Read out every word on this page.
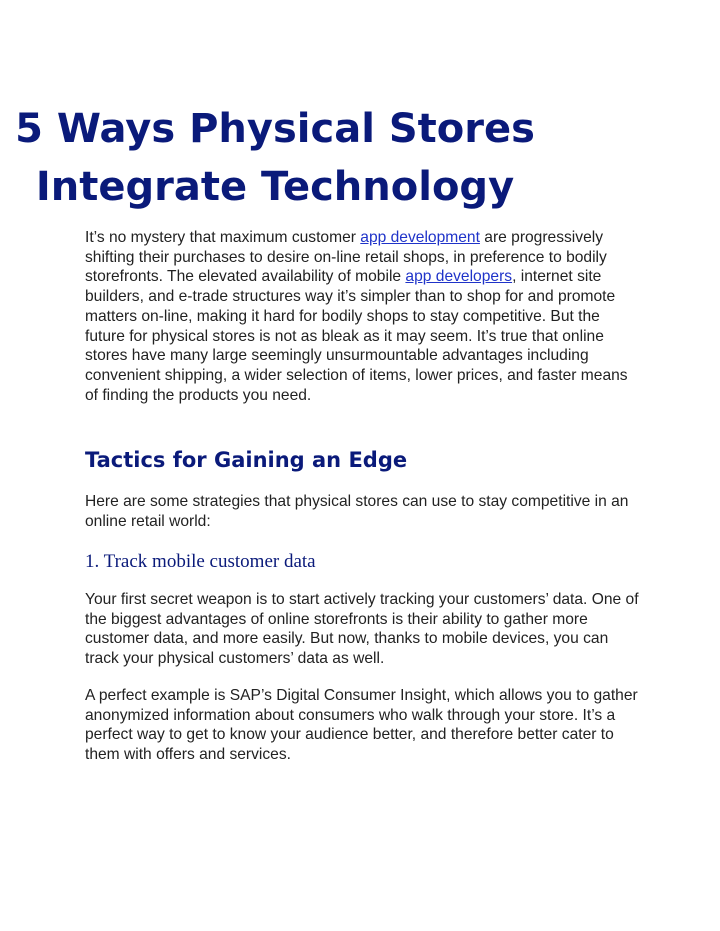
5 Ways Physical Stores
Integrate Technology

It’s no mystery that maximum customer app development are progressively shifting their purchases to desire on-line retail shops, in preference to bodily storefronts. The elevated availability of mobile app developers, internet site builders, and e-trade structures way it’s simpler than to shop for and promote matters on-line, making it hard for bodily shops to stay competitive. But the future for physical stores is not as bleak as it may seem. It’s true that online stores have many large seemingly unsurmountable advantages including convenient shipping, a wider selection of items, lower prices, and faster means of finding the products you need.

Tactics for Gaining an Edge

Here are some strategies that physical stores can use to stay competitive in an online retail world:

1. Track mobile customer data

Your first secret weapon is to start actively tracking your customers’ data. One of the biggest advantages of online storefronts is their ability to gather more customer data, and more easily. But now, thanks to mobile devices, you can track your physical customers’ data as well.

A perfect example is SAP’s Digital Consumer Insight, which allows you to gather anonymized information about consumers who walk through your store. It’s a perfect way to get to know your audience better, and therefore better cater to them with offers and services.
